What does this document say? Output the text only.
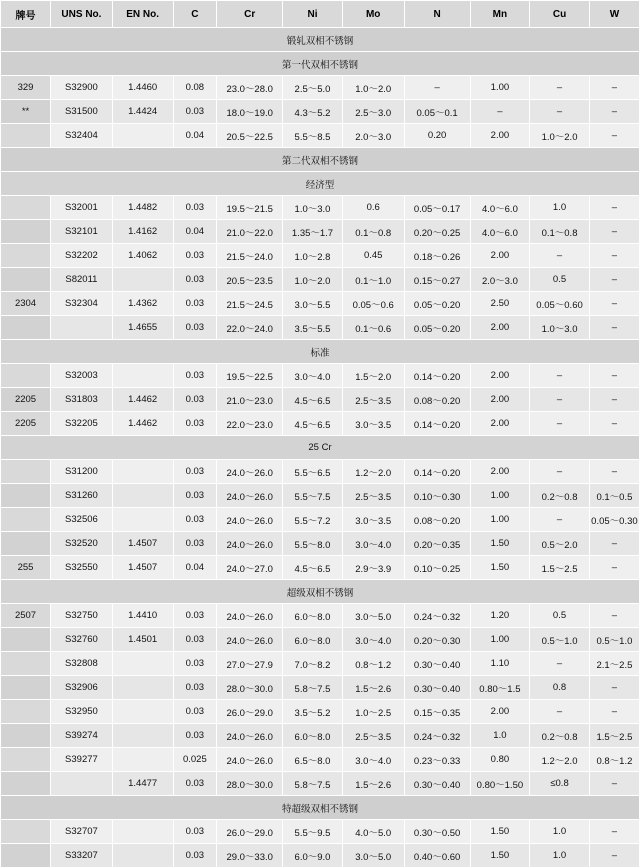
牌号	UNS No.	EN No.	C	Cr	Ni	Mo	N	Mn	Cu	W
锻轧双相不锈钢										
第一代双相不锈钢										
329	S32900	1.4460	0.08	23.0～28.0	2.5～5.0	1.0～2.0	–	1.00	–	–
**	S31500	1.4424	0.03	18.0～19.0	4.3～5.2	2.5～3.0	0.05～0.1	–	–	–
	S32404		0.04	20.5～22.5	5.5～8.5	2.0～3.0	0.20	2.00	1.0～2.0	–
第二代双相不锈钢										
经济型										
	S32001	1.4482	0.03	19.5～21.5	1.0～3.0	0.6	0.05～0.17	4.0～6.0	1.0	–
	S32101	1.4162	0.04	21.0～22.0	1.35～1.7	0.1～0.8	0.20～0.25	4.0～6.0	0.1～0.8	–
	S32202	1.4062	0.03	21.5～24.0	1.0～2.8	0.45	0.18～0.26	2.00	–	–
	S82011		0.03	20.5～23.5	1.0～2.0	0.1～1.0	0.15～0.27	2.0～3.0	0.5	–
2304	S32304	1.4362	0.03	21.5～24.5	3.0～5.5	0.05～0.6	0.05～0.20	2.50	0.05～0.60	–
		1.4655	0.03	22.0～24.0	3.5～5.5	0.1～0.6	0.05～0.20	2.00	1.0～3.0	–
标准										
	S32003		0.03	19.5～22.5	3.0～4.0	1.5～2.0	0.14～0.20	2.00	–	–
2205	S31803	1.4462	0.03	21.0～23.0	4.5～6.5	2.5～3.5	0.08～0.20	2.00	–	–
2205	S32205	1.4462	0.03	22.0～23.0	4.5～6.5	3.0～3.5	0.14～0.20	2.00	–	–
25 Cr										
	S31200		0.03	24.0～26.0	5.5～6.5	1.2～2.0	0.14～0.20	2.00	–	–
	S31260		0.03	24.0～26.0	5.5～7.5	2.5～3.5	0.10～0.30	1.00	0.2～0.8	0.1～0.5
	S32506		0.03	24.0～26.0	5.5～7.2	3.0～3.5	0.08～0.20	1.00	–	0.05～0.30
	S32520	1.4507	0.03	24.0～26.0	5.5～8.0	3.0～4.0	0.20～0.35	1.50	0.5～2.0	–
255	S32550	1.4507	0.04	24.0～27.0	4.5～6.5	2.9～3.9	0.10～0.25	1.50	1.5～2.5	–
超级双相不锈钢										
2507	S32750	1.4410	0.03	24.0～26.0	6.0～8.0	3.0～5.0	0.24～0.32	1.20	0.5	–
	S32760	1.4501	0.03	24.0～26.0	6.0～8.0	3.0～4.0	0.20～0.30	1.00	0.5～1.0	0.5～1.0
	S32808		0.03	27.0～27.9	7.0～8.2	0.8～1.2	0.30～0.40	1.10	–	2.1～2.5
	S32906		0.03	28.0～30.0	5.8～7.5	1.5～2.6	0.30～0.40	0.80～1.5	0.8	–
	S32950		0.03	26.0～29.0	3.5～5.2	1.0～2.5	0.15～0.35	2.00	–	–
	S39274		0.03	24.0～26.0	6.0～8.0	2.5～3.5	0.24～0.32	1.0	0.2～0.8	1.5～2.5
	S39277		0.025	24.0～26.0	6.5～8.0	3.0～4.0	0.23～0.33	0.80	1.2～2.0	0.8～1.2
		1.4477	0.03	28.0～30.0	5.8～7.5	1.5～2.6	0.30～0.40	0.80～1.50	≤0.8	–
特超级双相不锈钢										
	S32707		0.03	26.0～29.0	5.5～9.5	4.0～5.0	0.30～0.50	1.50	1.0	–
	S33207		0.03	29.0～33.0	6.0～9.0	3.0～5.0	0.40～0.60	1.50	1.0	–
